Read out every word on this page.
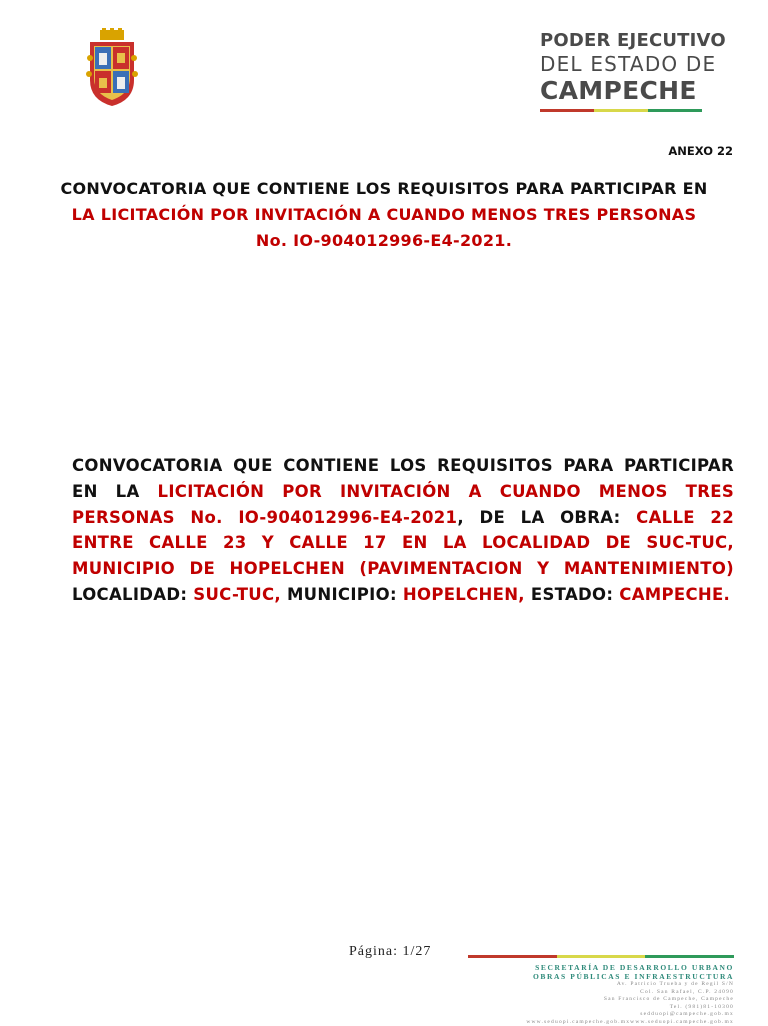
PODER EJECUTIVO
DEL ESTADO DE
CAMPECHE
ANEXO 22
CONVOCATORIA QUE CONTIENE LOS REQUISITOS PARA PARTICIPAR EN LA LICITACIÓN POR INVITACIÓN A CUANDO MENOS TRES PERSONAS
No. IO-904012996-E4-2021.
CONVOCATORIA QUE CONTIENE LOS REQUISITOS PARA PARTICIPAR EN LA LICITACIÓN POR INVITACIÓN A CUANDO MENOS TRES PERSONAS No. IO-904012996-E4-2021, DE LA OBRA: CALLE 22 ENTRE CALLE 23 Y CALLE 17 EN LA LOCALIDAD DE SUC-TUC, MUNICIPIO DE HOPELCHEN (PAVIMENTACION Y MANTENIMIENTO) LOCALIDAD: SUC-TUC, MUNICIPIO: HOPELCHEN, ESTADO: CAMPECHE.
Página: 1/27
SECRETARÍA DE DESARROLLO URBANO
OBRAS PÚBLICAS E INFRAESTRUCTURA
Av. Patricio Trueba y de Regil S/N
Col. San Rafael, C.P. 24090
San Francisco de Campeche, Campeche
Tel. (981)81-10300
sedduopi@campeche.gob.mx
www.seduopi.campeche.gob.mxwww.seduopi.campeche.gob.mx
